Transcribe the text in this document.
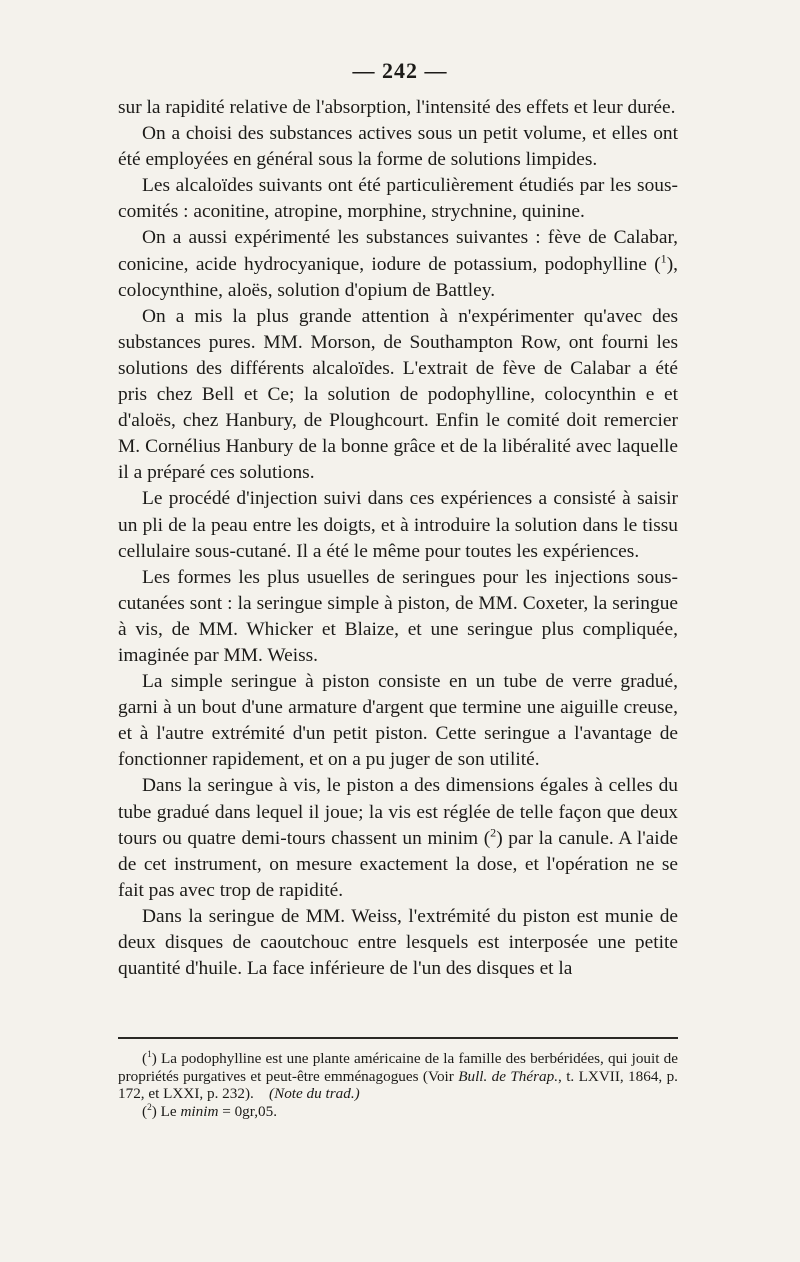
— 242 —

sur la rapidité relative de l'absorption, l'intensité des effets et leur durée.

On a choisi des substances actives sous un petit volume, et elles ont été employées en général sous la forme de solutions limpides.

Les alcaloïdes suivants ont été particulièrement étudiés par les sous-comités : aconitine, atropine, morphine, strychnine, quinine.

On a aussi expérimenté les substances suivantes : fève de Calabar, conicine, acide hydrocyanique, iodure de potassium, podophylline ($^1$), colocynthine, aloës, solution d'opium de Battley.

On a mis la plus grande attention à n'expérimenter qu'avec des substances pures. MM. Morson, de Southampton Row, ont fourni les solutions des différents alcaloïdes. L'extrait de fève de Calabar a été pris chez Bell et Ce; la solution de podophylline, colocynthin e et d'aloës, chez Hanbury, de Ploughcourt. Enfin le comité doit remercier M. Cornélius Hanbury de la bonne grâce et de la libéralité avec laquelle il a préparé ces solutions.

Le procédé d'injection suivi dans ces expériences a consisté à saisir un pli de la peau entre les doigts, et à introduire la solution dans le tissu cellulaire sous-cutané. Il a été le même pour toutes les expériences.

Les formes les plus usuelles de seringues pour les injections sous-cutanées sont : la seringue simple à piston, de MM. Coxeter, la seringue à vis, de MM. Whicker et Blaize, et une seringue plus compliquée, imaginée par MM. Weiss.

La simple seringue à piston consiste en un tube de verre gradué, garni à un bout d'une armature d'argent que termine une aiguille creuse, et à l'autre extrémité d'un petit piston. Cette seringue a l'avantage de fonctionner rapidement, et on a pu juger de son utilité.

Dans la seringue à vis, le piston a des dimensions égales à celles du tube gradué dans lequel il joue; la vis est réglée de telle façon que deux tours ou quatre demi-tours chassent un minim ($^2$) par la canule. A l'aide de cet instrument, on mesure exactement la dose, et l'opération ne se fait pas avec trop de rapidité.

Dans la seringue de MM. Weiss, l'extrémité du piston est munie de deux disques de caoutchouc entre lesquels est interposée une petite quantité d'huile. La face inférieure de l'un des disques et la

($^1$) La podophylline est une plante américaine de la famille des berbéridées, qui jouit de propriétés purgatives et peut-être emménagogues (Voir Bull. de Thérap., t. LXVII, 1864, p. 172, et LXXI, p. 232). (Note du trad.)

($^2$) Le minim = 0gr,05.
